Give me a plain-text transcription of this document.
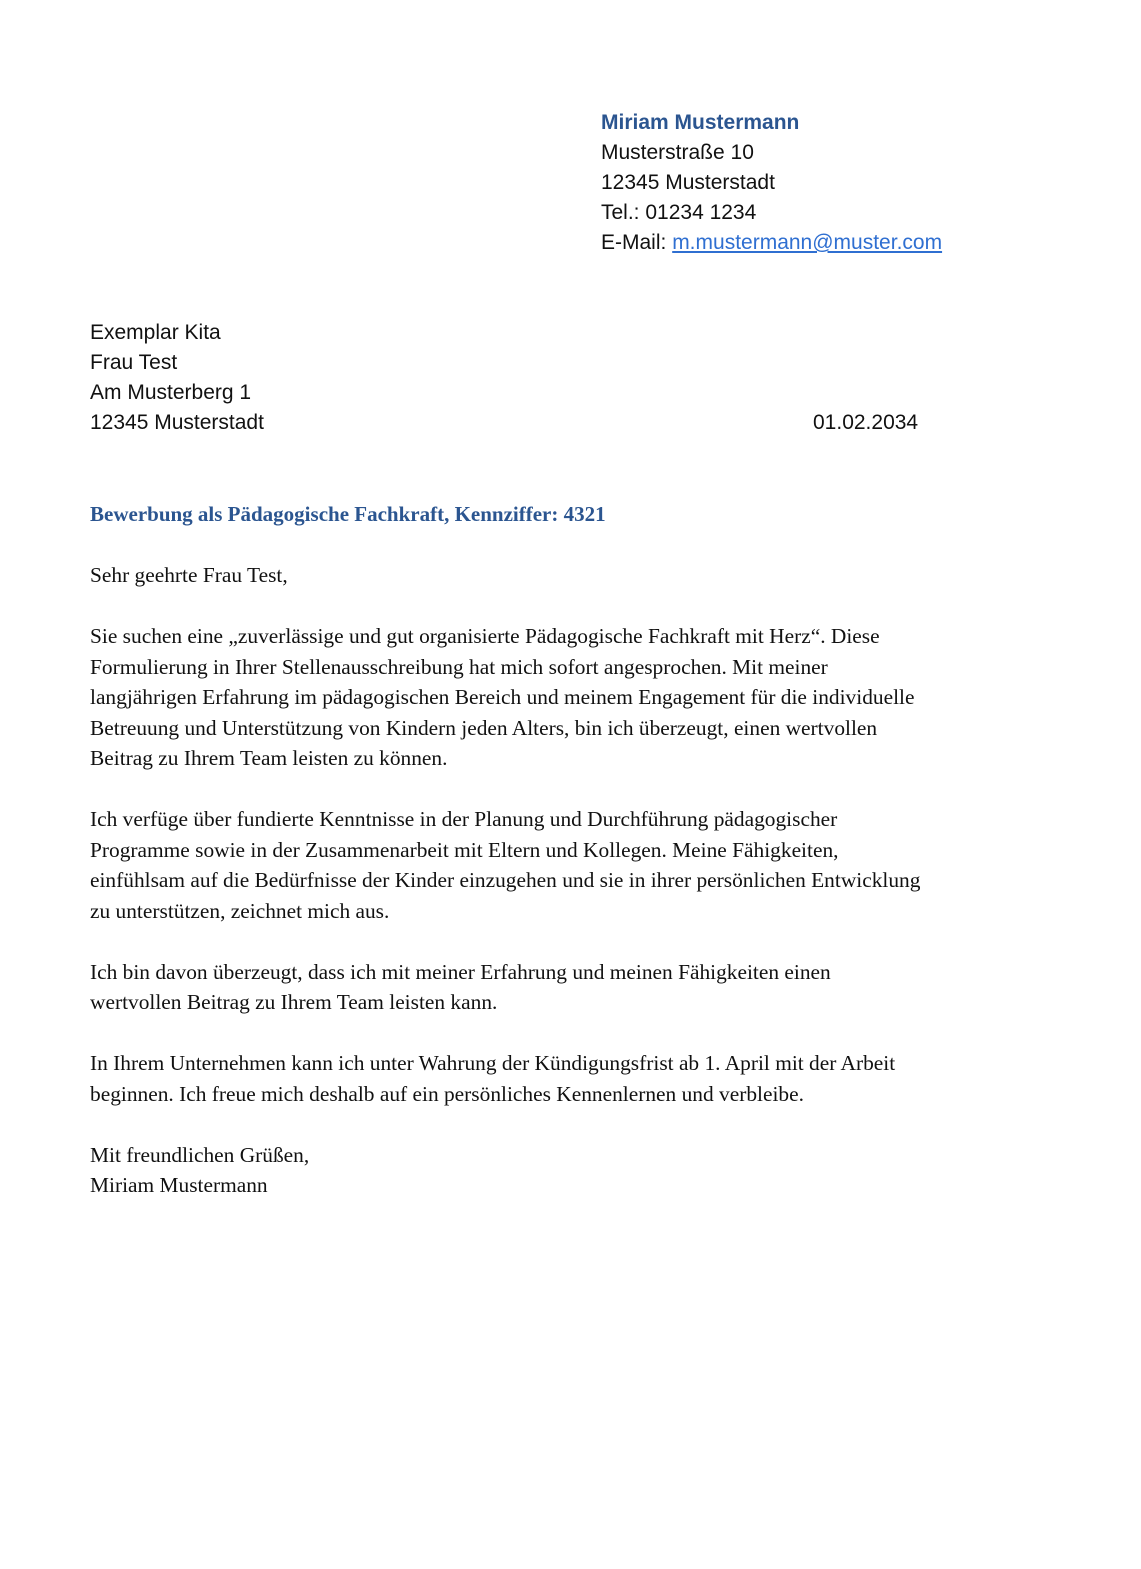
Miriam Mustermann
Musterstraße 10
12345 Musterstadt
Tel.: 01234 1234
E-Mail: m.mustermann@muster.com
Exemplar Kita
Frau Test
Am Musterberg 1
12345 Musterstadt	01.02.2034
Bewerbung als Pädagogische Fachkraft, Kennziffer: 4321

Sehr geehrte Frau Test,

Sie suchen eine „zuverlässige und gut organisierte Pädagogische Fachkraft mit Herz“. Diese
Formulierung in Ihrer Stellenausschreibung hat mich sofort angesprochen. Mit meiner
langjährigen Erfahrung im pädagogischen Bereich und meinem Engagement für die individuelle
Betreuung und Unterstützung von Kindern jeden Alters, bin ich überzeugt, einen wertvollen
Beitrag zu Ihrem Team leisten zu können.

Ich verfüge über fundierte Kenntnisse in der Planung und Durchführung pädagogischer
Programme sowie in der Zusammenarbeit mit Eltern und Kollegen. Meine Fähigkeiten,
einfühlsam auf die Bedürfnisse der Kinder einzugehen und sie in ihrer persönlichen Entwicklung
zu unterstützen, zeichnet mich aus.

Ich bin davon überzeugt, dass ich mit meiner Erfahrung und meinen Fähigkeiten einen
wertvollen Beitrag zu Ihrem Team leisten kann.

In Ihrem Unternehmen kann ich unter Wahrung der Kündigungsfrist ab 1. April mit der Arbeit
beginnen. Ich freue mich deshalb auf ein persönliches Kennenlernen und verbleibe.

Mit freundlichen Grüßen,
Miriam Mustermann
